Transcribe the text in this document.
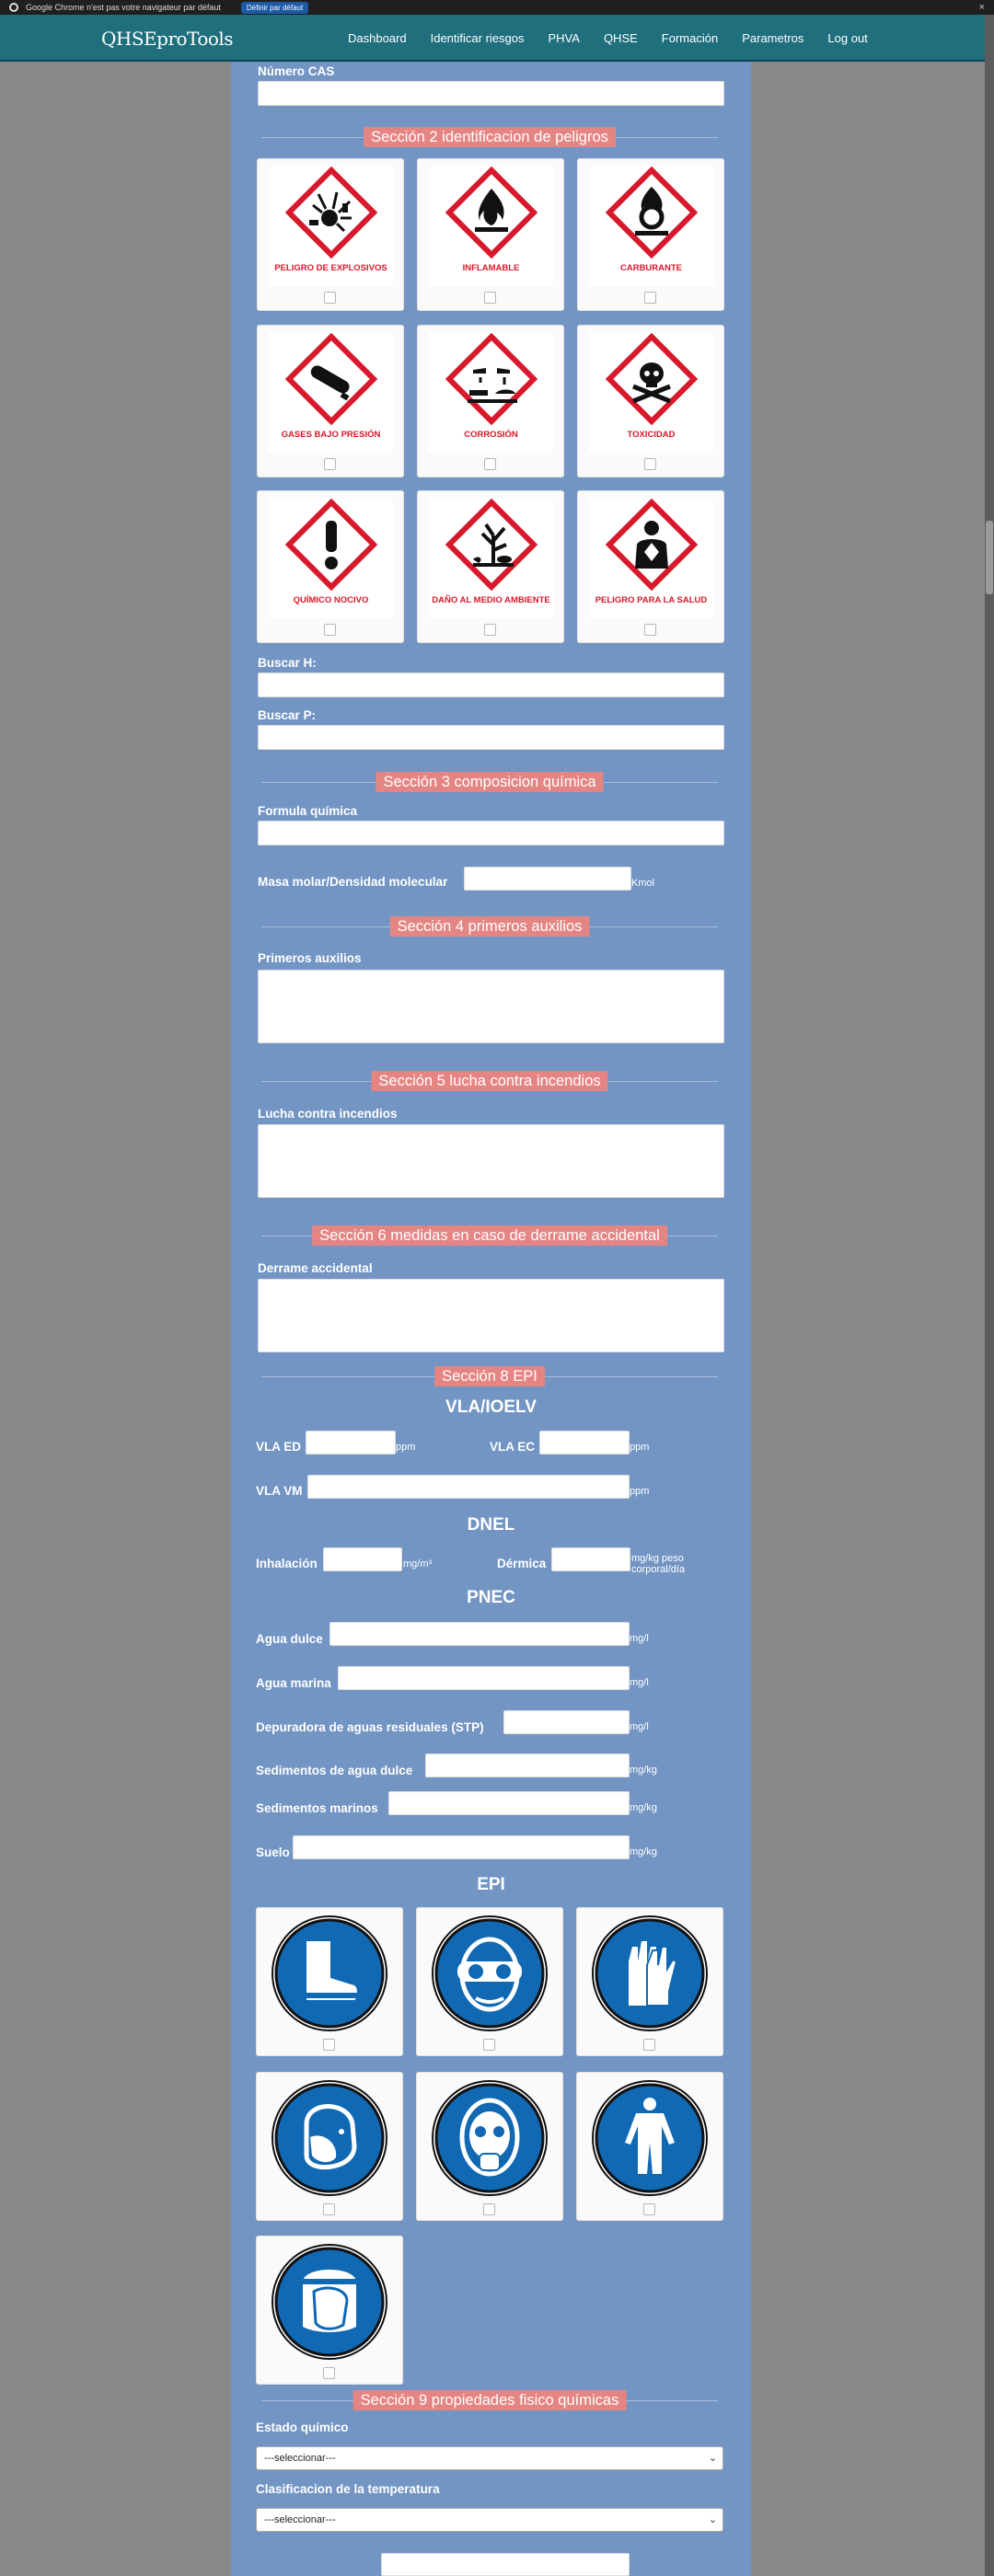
Google Chrome n'est pas votre navigateur par défaut	Définir par défaut	×
QHSEproTools	Dashboard Identificar riesgos PHVA QHSE Formación Parametros Log out
Número CAS
Sección 2 identificacion de peligros
PELIGRO DE EXPLOSIVOS	INFLAMABLE	CARBURANTE
GASES BAJO PRESIÓN	CORROSIÓN	TOXICIDAD
QUÍMICO NOCIVO	DAÑO AL MEDIO AMBIENTE	PELIGRO PARA LA SALUD
Buscar H:
Buscar P:
Sección 3 composicion química
Formula química
Masa molar/Densidad molecular	Kmol
Sección 4 primeros auxilios
Primeros auxilios
Sección 5 lucha contra incendios
Lucha contra incendios
Sección 6 medidas en caso de derrame accidental
Derrame accidental
Sección 8 EPI
VLA/IOELV
VLA ED	ppm	VLA EC	ppm
VLA VM	ppm
DNEL
Inhalación	mg/m³	Dérmica	mg/kg peso corporal/día
PNEC
Agua dulce	mg/l
Agua marina	mg/l
Depuradora de aguas residuales (STP)	mg/l
Sedimentos de agua dulce	mg/kg
Sedimentos marinos	mg/kg
Suelo	mg/kg
EPI
Sección 9 propiedades fisico químicas
Estado químico
---seleccionar---	⌄
Clasificacion de la temperatura
---seleccionar---	⌄
